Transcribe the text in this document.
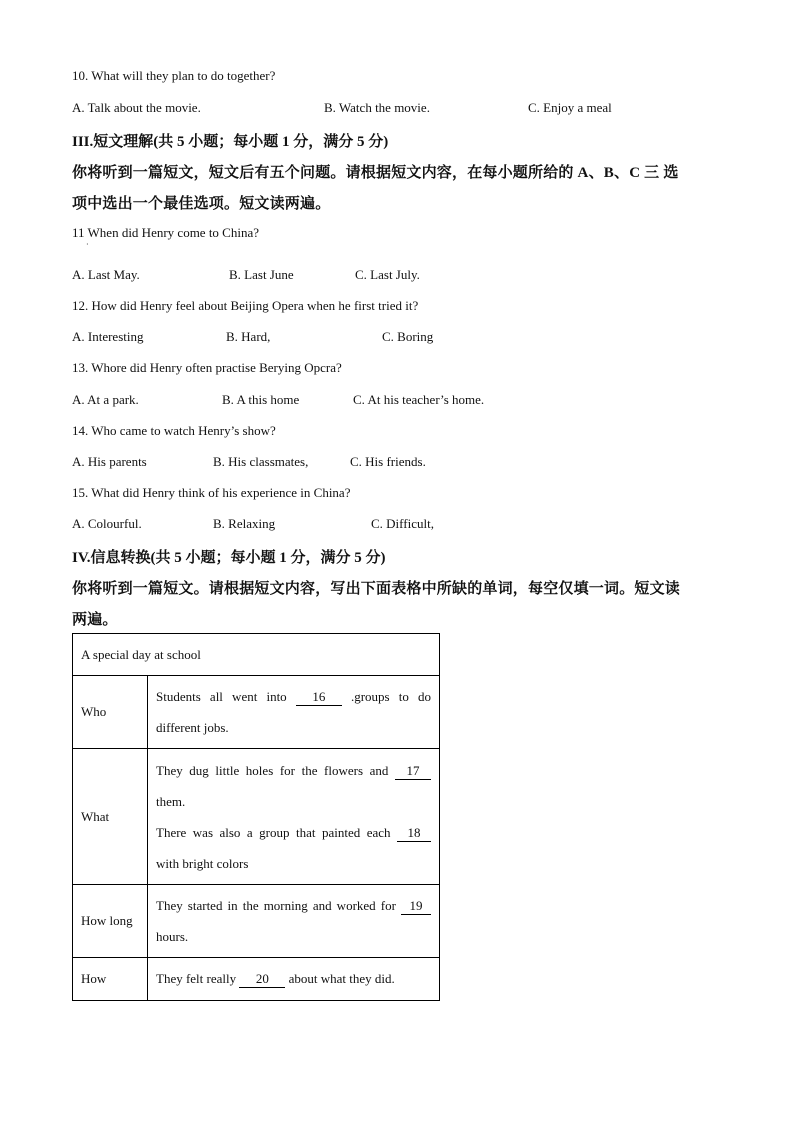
10. What will they plan to do together?
A. Talk about the movie.	B. Watch the movie.	C. Enjoy a meal
III.短文理解(共 5 小题；每小题 1 分，满分 5 分)
你将听到一篇短文，短文后有五个问题。请根据短文内容，在每小题所给的 A、B、C 三 选
项中选出一个最佳选项。短文读两遍。
11 When did Henry come to China?
·
A. Last May.	B. Last June	C. Last July.
12. How did Henry feel about Beijing Opera when he first tried it?
A. Interesting	B. Hard,	C. Boring
13. Whore did Henry often practise Berying Opcra?
A. At a park.	B. A this home	C. At his teacher’s home.
14. Who came to watch Henry’s show?
A. His parents	B. His classmates,	C. His friends.
15. What did Henry think of his experience in China?
A. Colourful.	B. Relaxing	C. Difficult,
IV.信息转换(共 5 小题；每小题 1 分，满分 5 分)
你将听到一篇短文。请根据短文内容，写出下面表格中所缺的单词，每空仅填一词。短文读
两遍。
A special day at school	
Who	Students all went into 16 .groups to do different jobs.

What	They dug little holes for the flowers and 17 them.
There was also a group that painted each 18 with bright colors

How long	They started in the morning and worked for 19 hours.

How	They felt really 20 about what they did.
